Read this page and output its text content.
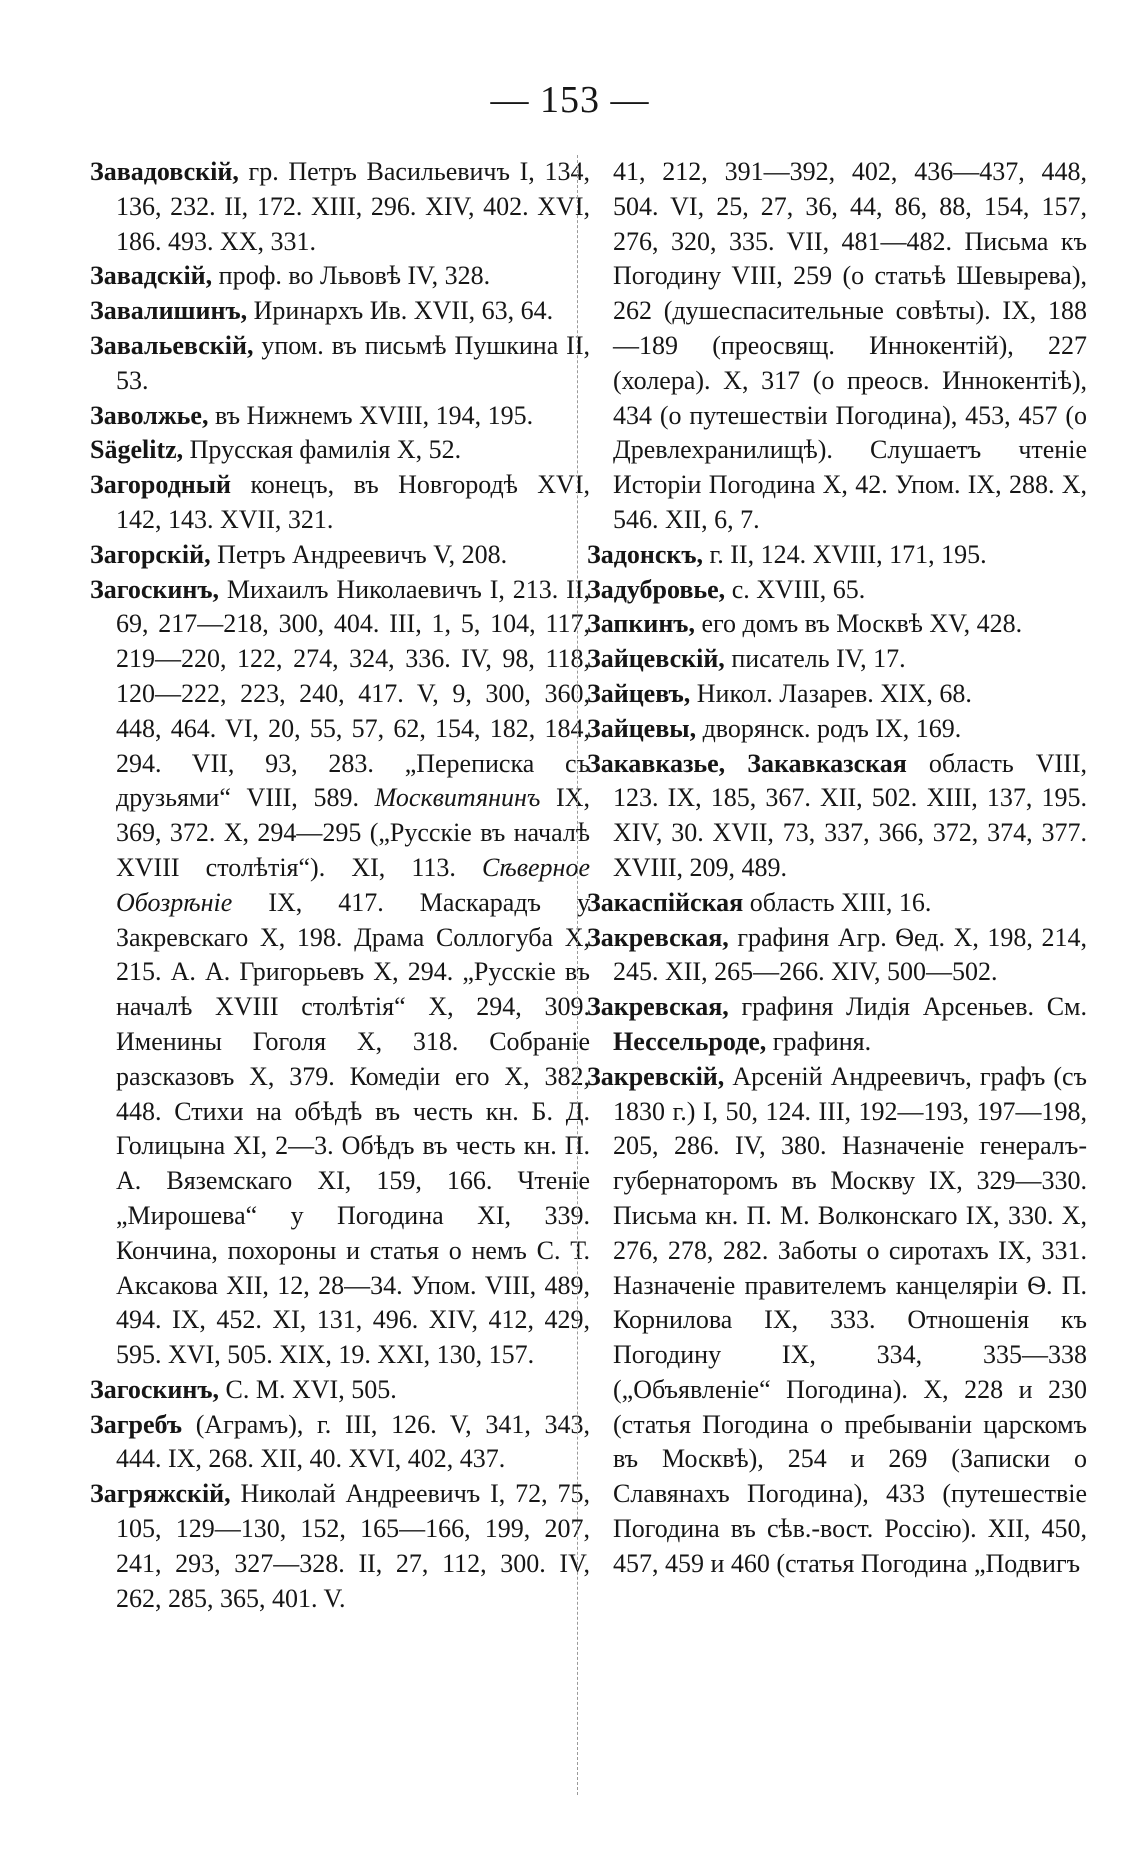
— 153 —

Завадовскій, гр. Петръ Васильевичъ I, 134, 136, 232. II, 172. XIII, 296. XIV, 402. XVI, 186. 493. XX, 331.

Завадскій, проф. во Львовѣ IV, 328.

Завалишинъ, Иринархъ Ив. XVII, 63, 64.

Завальевскій, упом. въ письмѣ Пушкина II, 53.

Заволжье, въ Нижнемъ XVIII, 194, 195.

Sägelitz, Прусская фамилія X, 52.

Загородный конецъ, въ Новгородѣ XVI, 142, 143. XVII, 321.

Загорскій, Петръ Андреевичъ V, 208.

Загоскинъ, Михаилъ Николаевичъ I, 213. II, 69, 217—218, 300, 404. III, 1, 5, 104, 117, 219—220, 122, 274, 324, 336. IV, 98, 118, 120—222, 223, 240, 417. V, 9, 300, 360, 448, 464. VI, 20, 55, 57, 62, 154, 182, 184, 294. VII, 93, 283. „Переписка съ друзьями“ VIII, 589. Москвитянинъ IX, 369, 372. X, 294—295 („Русскіе въ началѣ XVIII столѣтія“). XI, 113. Сѣверное Обозрѣніе IX, 417. Маскарадъ у Закревскаго X, 198. Драма Соллогуба X, 215. А. А. Григорьевъ X, 294. „Русскіе въ началѣ XVIII столѣтія“ X, 294, 309. Именины Гоголя X, 318. Собраніе разсказовъ X, 379. Комедіи его X, 382, 448. Стихи на обѣдѣ въ честь кн. Б. Д. Голицына XI, 2—3. Обѣдъ въ честь кн. П. А. Вяземскаго XI, 159, 166. Чтеніе „Мирошева“ у Погодина XI, 339. Кончина, похороны и статья о немъ С. Т. Аксакова XII, 12, 28—34. Упом. VIII, 489, 494. IX, 452. XI, 131, 496. XIV, 412, 429, 595. XVI, 505. XIX, 19. XXI, 130, 157.

Загоскинъ, С. М. XVI, 505.

Загребъ (Аграмъ), г. III, 126. V, 341, 343, 444. IX, 268. XII, 40. XVI, 402, 437.

Загряжскій, Николай Андреевичъ I, 72, 75, 105, 129—130, 152, 165—166, 199, 207, 241, 293, 327—328. II, 27, 112, 300. IV, 262, 285, 365, 401. V.

41, 212, 391—392, 402, 436—437, 448, 504. VI, 25, 27, 36, 44, 86, 88, 154, 157, 276, 320, 335. VII, 481—482. Письма къ Погодину VIII, 259 (о статьѣ Шевырева), 262 (душеспасительные совѣты). IX, 188—189 (преосвящ. Иннокентій), 227 (холера). X, 317 (о преосв. Иннокентіѣ), 434 (о путешествіи Погодина), 453, 457 (о Древлехранилищѣ). Слушаетъ чтеніе Исторіи Погодина X, 42. Упом. IX, 288. X, 546. XII, 6, 7.

Задонскъ, г. II, 124. XVIII, 171, 195.

Задубровье, с. XVIII, 65.

Запкинъ, его домъ въ Москвѣ XV, 428.

Зайцевскій, писатель IV, 17.

Зайцевъ, Никол. Лазарев. XIX, 68.

Зайцевы, дворянск. родъ IX, 169.

Закавказье, Закавказская область VIII, 123. IX, 185, 367. XII, 502. XIII, 137, 195. XIV, 30. XVII, 73, 337, 366, 372, 374, 377. XVIII, 209, 489.

Закаспійская область XIII, 16.

Закревская, графиня Агр. Ѳед. X, 198, 214, 245. XII, 265—266. XIV, 500—502.

Закревская, графиня Лидія Арсеньев. См. Нессельроде, графиня.

Закревскій, Арсеній Андреевичъ, графъ (съ 1830 г.) I, 50, 124. III, 192—193, 197—198, 205, 286. IV, 380. Назначеніе генералъ-губернаторомъ въ Москву IX, 329—330. Письма кн. П. М. Волконскаго IX, 330. X, 276, 278, 282. Заботы о сиротахъ IX, 331. Назначеніе правителемъ канцеляріи Ѳ. П. Корнилова IX, 333. Отношенія къ Погодину IX, 334, 335—338 („Объявленіе“ Погодина). X, 228 и 230 (статья Погодина о пребываніи царскомъ въ Москвѣ), 254 и 269 (Записки о Славянахъ Погодина), 433 (путешествіе Погодина въ сѣв.-вост. Россію). XII, 450, 457, 459 и 460 (статья Погодина „Подвигъ
